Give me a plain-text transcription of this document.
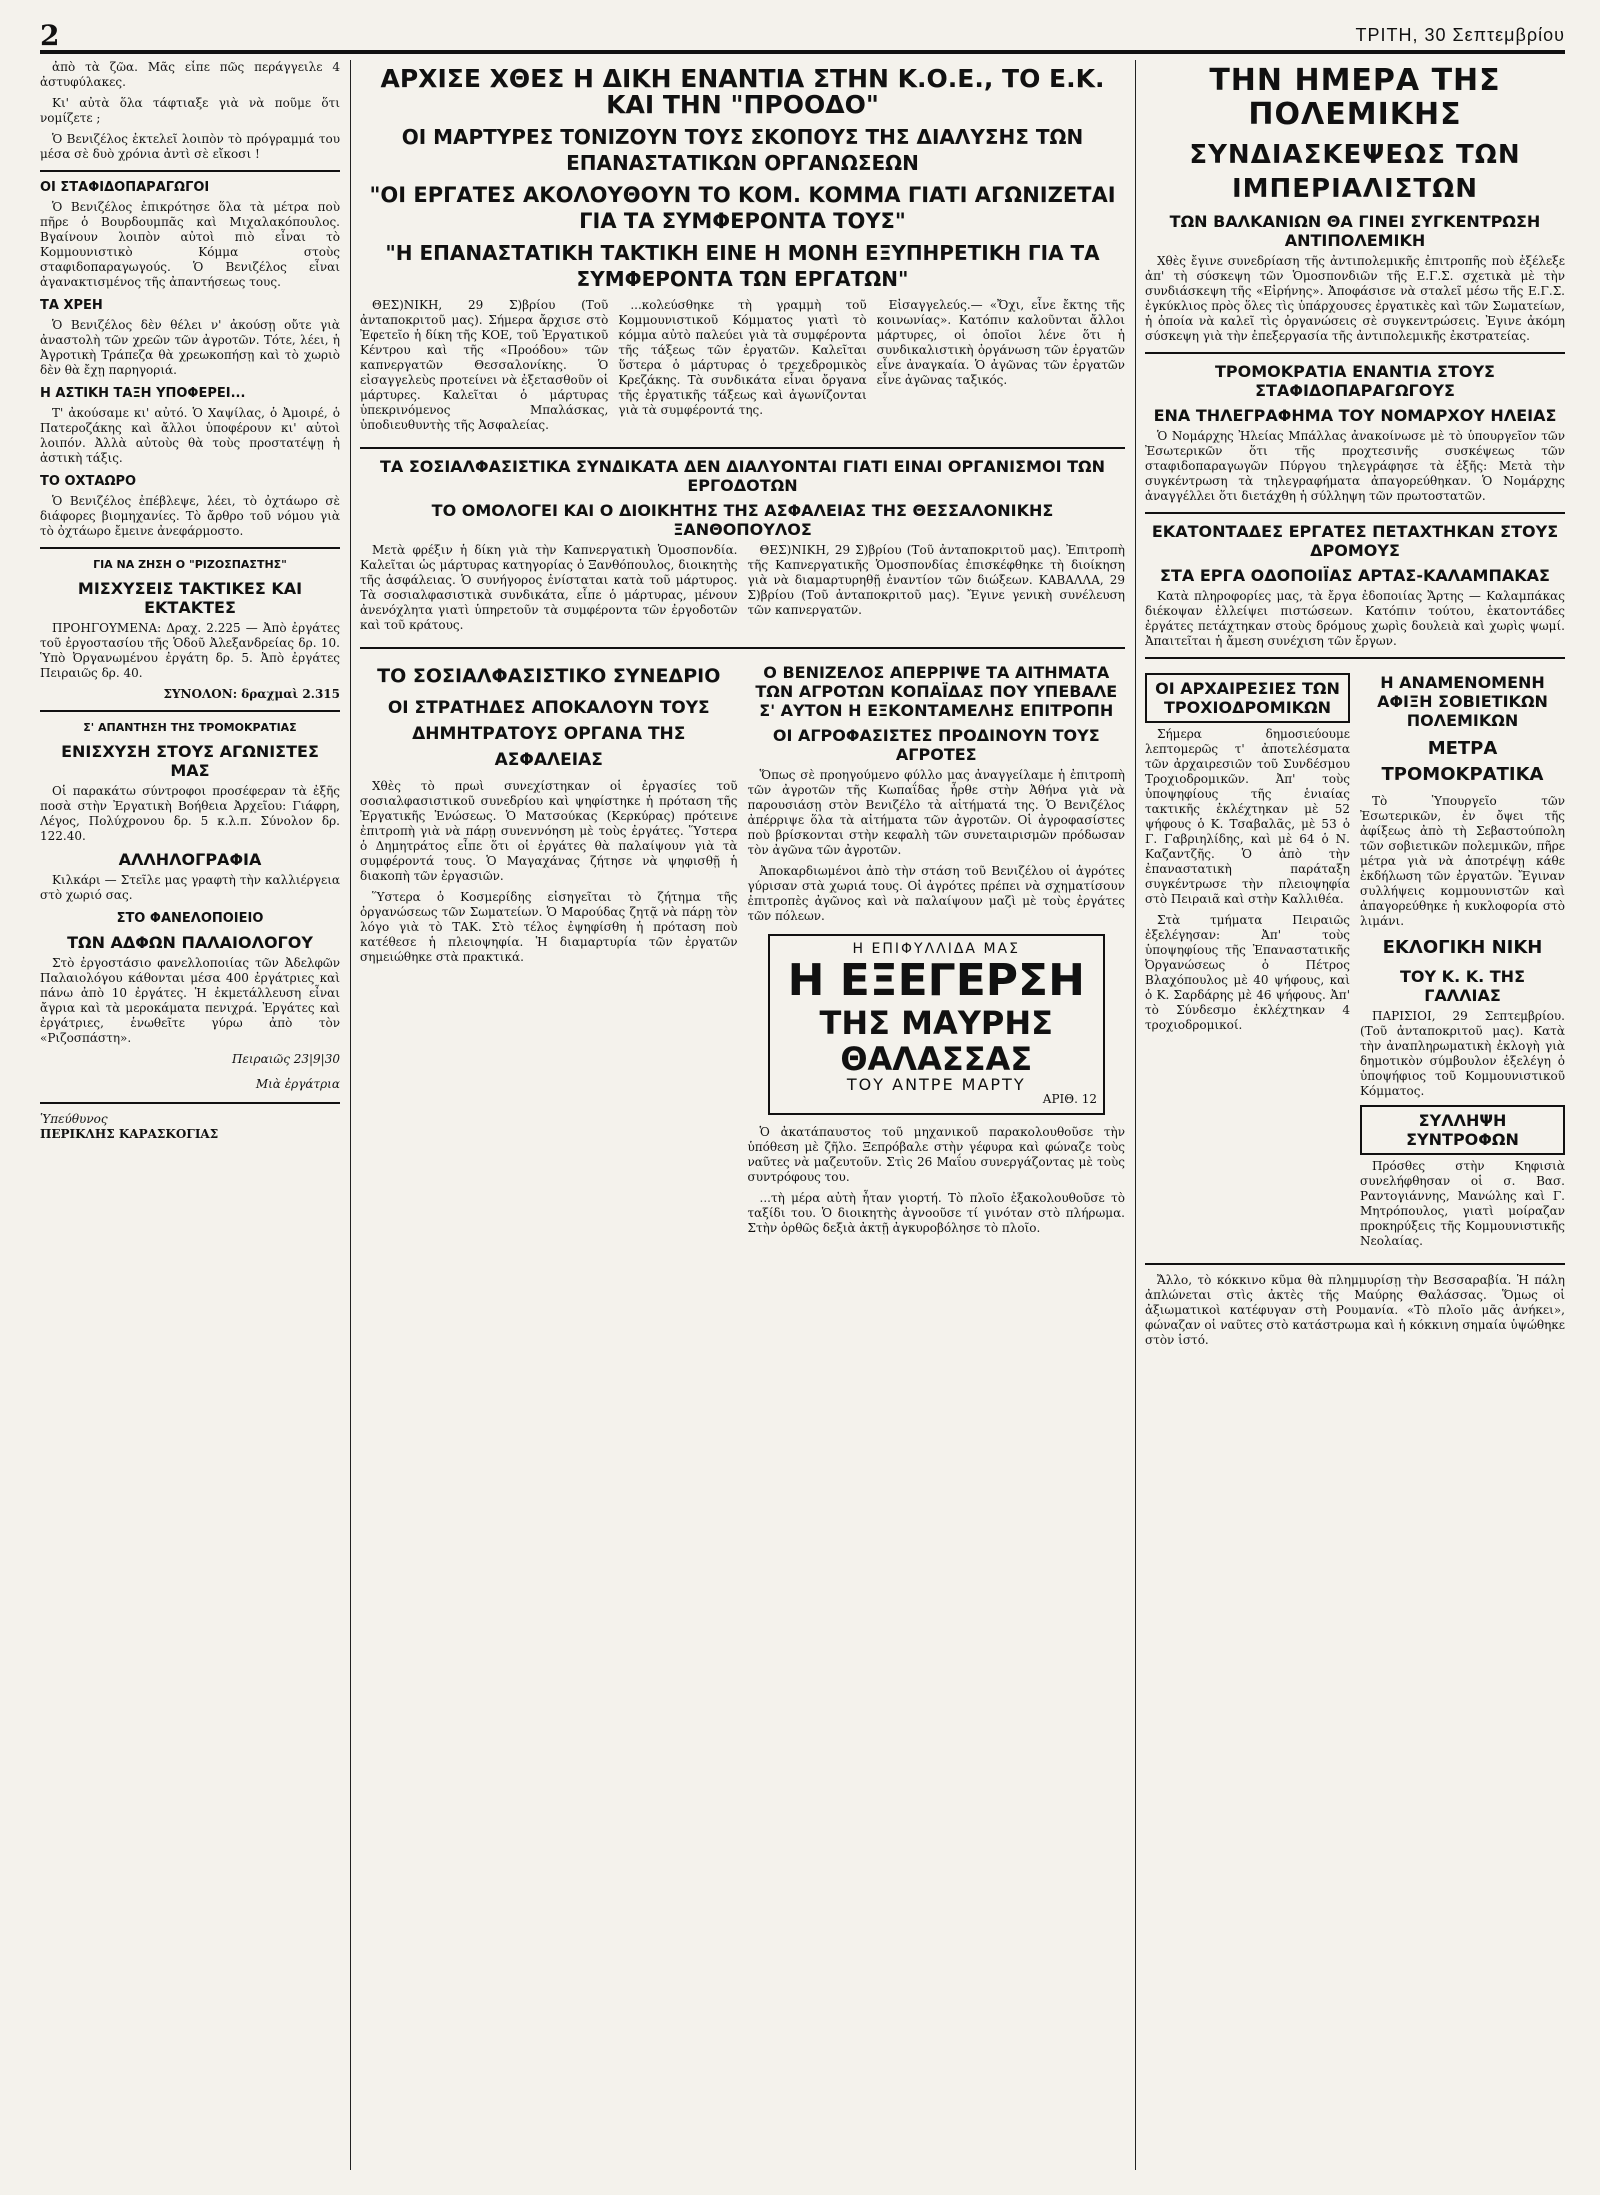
2	ΤΡΙΤΗ, 30 Σεπτεμβρίου

ἀπὸ τὰ ζῶα. Μᾶς εἶπε πῶς περάγγειλε 4 ἀστυφύλακες.

Κι' αὐτὰ ὅλα τάφτιαξε γιὰ νὰ ποῦμε ὅτι νομίζετε ;

Ὁ Βενιζέλος ἐκτελεῖ λοιπὸν τὸ πρόγραμμά του μέσα σὲ δυὸ χρόνια ἀντὶ σὲ εἴκοσι !

ΟΙ ΣΤΑΦΙΔΟΠΑΡΑΓΩΓΟΙ

Ὁ Βενιζέλος ἐπικρότησε ὅλα τὰ μέτρα ποὺ πῆρε ὁ Βουρδουμπᾶς καὶ Μιχαλακόπουλος. Βγαίνουν λοιπὸν αὐτοὶ πιὸ εἶναι τὸ Κομμουνιστικὸ Κόμμα στοὺς σταφιδοπαραγωγούς. Ὁ Βενιζέλος εἶναι ἀγανακτισμένος τῆς ἀπαντήσεως τους.

ΤΑ ΧΡΕΗ

Ὁ Βενιζέλος δὲν θέλει ν' ἀκούσῃ οὔτε γιὰ ἀναστολὴ τῶν χρεῶν τῶν ἀγροτῶν. Τότε, λέει, ἡ Ἀγροτικὴ Τράπεζα θὰ χρεωκοπήσῃ καὶ τὸ χωριὸ δὲν θὰ ἔχῃ παρηγοριά.

Η ΑΣΤΙΚΗ ΤΑΞΗ ΥΠΟΦΕΡΕΙ...

Τ' ἀκούσαμε κι' αὐτό. Ὁ Χαψίλας, ὁ Ἀμοιρέ, ὁ Πατεροζάκης καὶ ἄλλοι ὑποφέρουν κι' αὐτοὶ λοιπόν. Ἀλλὰ αὐτοὺς θὰ τοὺς προστατέψῃ ἡ ἀστικὴ τάξις.

ΤΟ ΟΧΤΑΩΡΟ

Ὁ Βενιζέλος ἐπέβλεψε, λέει, τὸ ὀχτάωρο σὲ διάφορες βιομηχανίες. Τὸ ἄρθρο τοῦ νόμου γιὰ τὸ ὀχτάωρο ἔμεινε ἀνεφάρμοστο.

ΓΙΑ ΝΑ ΖΗΣΗ Ο "ΡΙΖΟΣΠΑΣΤΗΣ"
ΜΙΣΧΥΣΕΙΣ ΤΑΚΤΙΚΕΣ ΚΑΙ ΕΚΤΑΚΤΕΣ

ΠΡΟΗΓΟΥΜΕΝΑ: Δραχ. 2.225 — Ἀπὸ ἐργάτες τοῦ ἐργοστασίου τῆς Ὁδοῦ Ἀλεξανδρείας δρ. 10. Ὑπὸ Ὀργανωμένου ἐργάτη δρ. 5. Ἀπὸ ἐργάτες Πειραιῶς δρ. 40.

ΣΥΝΟΛΟΝ: δραχμαὶ 2.315

Σ' ΑΠΑΝΤΗΣΗ ΤΗΣ ΤΡΟΜΟΚΡΑΤΙΑΣ
ΕΝΙΣΧΥΣΗ ΣΤΟΥΣ ΑΓΩΝΙΣΤΕΣ ΜΑΣ

Οἱ παρακάτω σύντροφοι προσέφεραν τὰ ἐξῆς ποσὰ στὴν Ἐργατικὴ Βοήθεια Ἀρχεῖου: Γιάφρη, Λέγος, Πολύχρονου δρ. 5 κ.λ.π. Σύνολον δρ. 122.40.

ΑΛΛΗΛΟΓΡΑΦΙΑ

Κιλκάρι — Στεῖλε μας γραφτὴ τὴν καλλιέργεια στὸ χωριό σας.

ΣΤΟ ΦΑΝΕΛΟΠΟΙΕΙΟ
ΤΩΝ ΑΔΦΩΝ ΠΑΛΑΙΟΛΟΓΟΥ

Στὸ ἐργοστάσιο φανελλοποιίας τῶν Ἀδελφῶν Παλαιολόγου κάθονται μέσα 400 ἐργάτριες καὶ πάνω ἀπὸ 10 ἐργάτες. Ἡ ἐκμετάλλευση εἶναι ἄγρια καὶ τὰ μεροκάματα πενιχρά. Ἐργάτες καὶ ἐργάτριες, ἑνωθεῖτε γύρω ἀπὸ τὸν «Ριζοσπάστη».

Πειραιῶς 23|9|30
Μιὰ ἐργάτρια
Ὑπεύθυνος
ΠΕΡΙΚΛΗΣ ΚΑΡΑΣΚΟΓΙΑΣ
ΑΡΧΙΣΕ ΧΘΕΣ Η ΔΙΚΗ ΕΝΑΝΤΙΑ ΣΤΗΝ Κ.Ο.Ε., ΤΟ Ε.Κ. ΚΑΙ ΤΗΝ "ΠΡΟΟΔΟ"
ΟΙ ΜΑΡΤΥΡΕΣ ΤΟΝΙΖΟΥΝ ΤΟΥΣ ΣΚΟΠΟΥΣ ΤΗΣ ΔΙΑΛΥΣΗΣ ΤΩΝ ΕΠΑΝΑΣΤΑΤΙΚΩΝ ΟΡΓΑΝΩΣΕΩΝ
"ΟΙ ΕΡΓΑΤΕΣ ΑΚΟΛΟΥΘΟΥΝ ΤΟ ΚΟΜ. ΚΟΜΜΑ ΓΙΑΤΙ ΑΓΩΝΙΖΕΤΑΙ ΓΙΑ ΤΑ ΣΥΜΦΕΡΟΝΤΑ ΤΟΥΣ"
"Η ΕΠΑΝΑΣΤΑΤΙΚΗ ΤΑΚΤΙΚΗ ΕΙΝΕ Η ΜΟΝΗ ΕΞΥΠΗΡΕΤΙΚΗ ΓΙΑ ΤΑ ΣΥΜΦΕΡΟΝΤΑ ΤΩΝ ΕΡΓΑΤΩΝ"

ΘΕΣ)ΝΙΚΗ, 29 Σ)βρίου (Τοῦ ἀνταποκριτοῦ μας). Σήμερα ἄρχισε στὸ Ἐφετεῖο ἡ δίκη τῆς ΚΟΕ, τοῦ Ἐργατικοῦ Κέντρου καὶ τῆς «Προόδου» τῶν καπνεργατῶν Θεσσαλονίκης. Ὁ εἰσαγγελεὺς προτείνει νὰ ἐξετασθοῦν οἱ μάρτυρες. Καλεῖται ὁ μάρτυρας ὑπεκρινόμενος Μπαλάσκας, ὑποδιευθυντὴς τῆς Ἀσφαλείας.

...κολεύσθηκε τὴ γραμμὴ τοῦ Κομμουνιστικοῦ Κόμματος γιατὶ τὸ κόμμα αὐτὸ παλεύει γιὰ τὰ συμφέροντα τῆς τάξεως τῶν ἐργατῶν. Καλεῖται ὕστερα ὁ μάρτυρας ὁ τρεχεδρομικὸς Κρεζάκης. Τὰ συνδικάτα εἶναι ὄργανα τῆς ἐργατικῆς τάξεως καὶ ἀγωνίζονται γιὰ τὰ συμφέροντά της.

Εἰσαγγελεύς.— «Ὄχι, εἶνε ἔκτης τῆς κοινωνίας». Κατόπιν καλοῦνται ἄλλοι μάρτυρες, οἱ ὁποῖοι λένε ὅτι ἡ συνδικαλιστικὴ ὀργάνωση τῶν ἐργατῶν εἶνε ἀναγκαία. Ὁ ἀγῶνας τῶν ἐργατῶν εἶνε ἀγῶνας ταξικός.

ΤΑ ΣΟΣΙΑΛΦΑΣΙΣΤΙΚΑ ΣΥΝΔΙΚΑΤΑ ΔΕΝ ΔΙΑΛΥΟΝΤΑΙ ΓΙΑΤΙ ΕΙΝΑΙ ΟΡΓΑΝΙΣΜΟΙ ΤΩΝ ΕΡΓΟΔΟΤΩΝ
ΤΟ ΟΜΟΛΟΓΕΙ ΚΑΙ Ο ΔΙΟΙΚΗΤΗΣ ΤΗΣ ΑΣΦΑΛΕΙΑΣ ΤΗΣ ΘΕΣΣΑΛΟΝΙΚΗΣ ΞΑΝΘΟΠΟΥΛΟΣ

Μετὰ φρέξιν ἡ δίκη γιὰ τὴν Καπνεργατικὴ Ὁμοσπονδία. Καλεῖται ὡς μάρτυρας κατηγορίας ὁ Ξανθόπουλος, διοικητὴς τῆς ἀσφάλειας. Ὁ συνήγορος ἐνίσταται κατὰ τοῦ μάρτυρος. Τὰ σοσιαλφασιστικὰ συνδικάτα, εἶπε ὁ μάρτυρας, μένουν ἀνενόχλητα γιατὶ ὑπηρετοῦν τὰ συμφέροντα τῶν ἐργοδοτῶν καὶ τοῦ κράτους.

ΘΕΣ)ΝΙΚΗ, 29 Σ)βρίου (Τοῦ ἀνταποκριτοῦ μας). Ἐπιτροπὴ τῆς Καπνεργατικῆς Ὁμοσπονδίας ἐπισκέφθηκε τὴ διοίκηση γιὰ νὰ διαμαρτυρηθῇ ἐναντίον τῶν διώξεων. ΚΑΒΑΛΛΑ, 29 Σ)βρίου (Τοῦ ἀνταποκριτοῦ μας). Ἔγινε γενικὴ συνέλευση τῶν καπνεργατῶν.

ΤΟ ΣΟΣΙΑΛΦΑΣΙΣΤΙΚΟ ΣΥΝΕΔΡΙΟ
ΟΙ ΣΤΡΑΤΗΔΕΣ ΑΠΟΚΑΛΟΥΝ ΤΟΥΣ ΔΗΜΗΤΡΑΤΟΥΣ ΟΡΓΑΝΑ ΤΗΣ ΑΣΦΑΛΕΙΑΣ

Χθὲς τὸ πρωὶ συνεχίστηκαν οἱ ἐργασίες τοῦ σοσιαλφασιστικοῦ συνεδρίου καὶ ψηφίστηκε ἡ πρόταση τῆς Ἐργατικῆς Ἑνώσεως. Ὁ Ματσούκας (Κερκύρας) πρότεινε ἐπιτροπὴ γιὰ νὰ πάρῃ συνεννόηση μὲ τοὺς ἐργάτες. Ὕστερα ὁ Δημητράτος εἶπε ὅτι οἱ ἐργάτες θὰ παλαίψουν γιὰ τὰ συμφέροντά τους. Ὁ Μαγαχάνας ζήτησε νὰ ψηφισθῇ ἡ διακοπὴ τῶν ἐργασιῶν.

Ὕστερα ὁ Κοσμερίδης εἰσηγεῖται τὸ ζήτημα τῆς ὀργανώσεως τῶν Σωματείων. Ὁ Μαρούδας ζητᾷ νὰ πάρῃ τὸν λόγο γιὰ τὸ ΤΑΚ. Στὸ τέλος ἐψηφίσθη ἡ πρόταση ποὺ κατέθεσε ἡ πλειοψηφία. Ἡ διαμαρτυρία τῶν ἐργατῶν σημειώθηκε στὰ πρακτικά.

Ο ΒΕΝΙΖΕΛΟΣ ΑΠΕΡΡΙΨΕ ΤΑ ΑΙΤΗΜΑΤΑ ΤΩΝ ΑΓΡΟΤΩΝ ΚΟΠΑΪΔΑΣ ΠΟΥ ΥΠΕΒΑΛΕ Σ' ΑΥΤΟΝ Η ΕΞΚΟΝΤΑΜΕΛΗΣ ΕΠΙΤΡΟΠΗ
ΟΙ ΑΓΡΟΦΑΣΙΣΤΕΣ ΠΡΟΔΙΝΟΥΝ ΤΟΥΣ ΑΓΡΟΤΕΣ

Ὅπως σὲ προηγούμενο φύλλο μας ἀναγγείλαμε ἡ ἐπιτροπὴ τῶν ἀγροτῶν τῆς Κωπαΐδας ἦρθε στὴν Ἀθήνα γιὰ νὰ παρουσιάσῃ στὸν Βενιζέλο τὰ αἰτήματά της. Ὁ Βενιζέλος ἀπέρριψε ὅλα τὰ αἰτήματα τῶν ἀγροτῶν. Οἱ ἀγροφασίστες ποὺ βρίσκονται στὴν κεφαλὴ τῶν συνεταιρισμῶν πρόδωσαν τὸν ἀγῶνα τῶν ἀγροτῶν.

Ἀποκαρδιωμένοι ἀπὸ τὴν στάση τοῦ Βενιζέλου οἱ ἀγρότες γύρισαν στὰ χωριά τους. Οἱ ἀγρότες πρέπει νὰ σχηματίσουν ἐπιτροπὲς ἀγῶνος καὶ νὰ παλαίψουν μαζὶ μὲ τοὺς ἐργάτες τῶν πόλεων.

Η ΕΠΙΦΥΛΛΙΔΑ ΜΑΣ
Η ΕΞΕΓΕΡΣΗ
ΤΗΣ ΜΑΥΡΗΣ ΘΑΛΑΣΣΑΣ
ΤΟΥ ΑΝΤΡΕ ΜΑΡΤΥ
ΑΡΙΘ. 12

Ὁ ἀκατάπαυστος τοῦ μηχανικοῦ παρακολουθοῦσε τὴν ὑπόθεση μὲ ζῆλο. Ξεπρόβαλε στὴν γέφυρα καὶ φώναζε τοὺς ναῦτες νὰ μαζευτοῦν. Στὶς 26 Μαΐου συνεργάζοντας μὲ τοὺς συντρόφους του.

...τὴ μέρα αὐτὴ ἦταν γιορτή. Τὸ πλοῖο ἐξακολουθοῦσε τὸ ταξίδι του. Ὁ διοικητὴς ἀγνοοῦσε τί γινόταν στὸ πλήρωμα. Στὴν ὀρθῶς δεξιὰ ἀκτῇ ἀγκυροβόλησε τὸ πλοῖο.

ΤΗΝ ΗΜΕΡΑ ΤΗΣ ΠΟΛΕΜΙΚΗΣ
ΣΥΝΔΙΑΣΚΕΨΕΩΣ ΤΩΝ ΙΜΠΕΡΙΑΛΙΣΤΩΝ
ΤΩΝ ΒΑΛΚΑΝΙΩΝ ΘΑ ΓΙΝΕΙ ΣΥΓΚΕΝΤΡΩΣΗ ΑΝΤΙΠΟΛΕΜΙΚΗ

Χθὲς ἔγινε συνεδρίαση τῆς ἀντιπολεμικῆς ἐπιτροπῆς ποὺ ἐξέλεξε ἀπ' τὴ σύσκεψη τῶν Ὁμοσπονδιῶν τῆς Ε.Γ.Σ. σχετικὰ μὲ τὴν συνδιάσκεψη τῆς «Εἰρήνης». Ἀποφάσισε νὰ σταλεῖ μέσω τῆς Ε.Γ.Σ. ἐγκύκλιος πρὸς ὅλες τὶς ὑπάρχουσες ἐργατικὲς καὶ τῶν Σωματείων, ἡ ὁποία νὰ καλεῖ τὶς ὀργανώσεις σὲ συγκεντρώσεις. Ἐγινε ἀκόμη σύσκεψη γιὰ τὴν ἐπεξεργασία τῆς ἀντιπολεμικῆς ἐκστρατείας.

ΤΡΟΜΟΚΡΑΤΙΑ ΕΝΑΝΤΙΑ ΣΤΟΥΣ ΣΤΑΦΙΔΟΠΑΡΑΓΩΓΟΥΣ
ΕΝΑ ΤΗΛΕΓΡΑΦΗΜΑ ΤΟΥ ΝΟΜΑΡΧΟΥ ΗΛΕΙΑΣ

Ὁ Νομάρχης Ἠλείας Μπάλλας ἀνακοίνωσε μὲ τὸ ὑπουργεῖον τῶν Ἐσωτερικῶν ὅτι τῆς προχτεσινῆς συσκέψεως τῶν σταφιδοπαραγωγῶν Πύργου τηλεγράφησε τὰ ἑξῆς: Μετὰ τὴν συγκέντρωση τὰ τηλεγραφήματα ἀπαγορεύθηκαν. Ὁ Νομάρχης ἀναγγέλλει ὅτι διετάχθη ἡ σύλληψη τῶν πρωτοστατῶν.

ΕΚΑΤΟΝΤΑΔΕΣ ΕΡΓΑΤΕΣ ΠΕΤΑΧΤΗΚΑΝ ΣΤΟΥΣ ΔΡΟΜΟΥΣ
ΣΤΑ ΕΡΓΑ ΟΔΟΠΟΙΪΑΣ ΑΡΤΑΣ-ΚΑΛΑΜΠΑΚΑΣ

Κατὰ πληροφορίες μας, τὰ ἔργα ἐδοποιίας Ἄρτης — Καλαμπάκας διέκοψαν ἐλλείψει πιστώσεων. Κατόπιν τούτου, ἑκατοντάδες ἐργάτες πετάχτηκαν στοὺς δρόμους χωρὶς δουλειὰ καὶ χωρὶς ψωμί. Ἀπαιτεῖται ἡ ἄμεση συνέχιση τῶν ἔργων.

ΟΙ ΑΡΧΑΙΡΕΣΙΕΣ ΤΩΝ ΤΡΟΧΙΟΔΡΟΜΙΚΩΝ

Σήμερα δημοσιεύουμε λεπτομερῶς τ' ἀποτελέσματα τῶν ἀρχαιρεσιῶν τοῦ Συνδέσμου Τροχιοδρομικῶν. Ἀπ' τοὺς ὑποψηφίους τῆς ἑνιαίας τακτικῆς ἐκλέχτηκαν μὲ 52 ψήφους ὁ Κ. Τσαβαλᾶς, μὲ 53 ὁ Γ. Γαβριηλίδης, καὶ μὲ 64 ὁ Ν. Καζαντζῆς. Ὁ ἀπὸ τὴν ἐπαναστατικὴ παράταξη συγκέντρωσε τὴν πλειοψηφία στὸ Πειραιᾶ καὶ στὴν Καλλιθέα.

Στὰ τμήματα Πειραιῶς ἐξελέγησαν: Ἀπ' τοὺς ὑποψηφίους τῆς Ἐπαναστατικῆς Ὀργανώσεως ὁ Πέτρος Βλαχόπουλος μὲ 40 ψήφους, καὶ ὁ Κ. Σαρδάρης μὲ 46 ψήφους. Ἀπ' τὸ Σύνδεσμο ἐκλέχτηκαν 4 τροχιοδρομικοί.

Η ΑΝΑΜΕΝΟΜΕΝΗ ΑΦΙΞΗ ΣΟΒΙΕΤΙΚΩΝ ΠΟΛΕΜΙΚΩΝ
ΜΕΤΡΑ ΤΡΟΜΟΚΡΑΤΙΚΑ

Τὸ Ὑπουργεῖο τῶν Ἐσωτερικῶν, ἐν ὄψει τῆς ἀφίξεως ἀπὸ τὴ Σεβαστούπολη τῶν σοβιετικῶν πολεμικῶν, πῆρε μέτρα γιὰ νὰ ἀποτρέψῃ κάθε ἐκδήλωση τῶν ἐργατῶν. Ἔγιναν συλλήψεις κομμουνιστῶν καὶ ἀπαγορεύθηκε ἡ κυκλοφορία στὸ λιμάνι.

ΕΚΛΟΓΙΚΗ ΝΙΚΗ
ΤΟΥ Κ. Κ. ΤΗΣ ΓΑΛΛΙΑΣ

ΠΑΡΙΣΙΟΙ, 29 Σεπτεμβρίου. (Τοῦ ἀνταποκριτοῦ μας). Κατὰ τὴν ἀναπληρωματικὴ ἐκλογὴ γιὰ δημοτικὸν σύμβουλον ἐξελέγη ὁ ὑποψήφιος τοῦ Κομμουνιστικοῦ Κόμματος.

ΣΥΛΛΗΨΗ ΣΥΝΤΡΟΦΩΝ

Πρόσθες στὴν Κηφισιὰ συνελήφθησαν οἱ σ. Βασ. Ραντογιάννης, Μανώλης καὶ Γ. Μητρόπουλος, γιατὶ μοίραζαν προκηρύξεις τῆς Κομμουνιστικῆς Νεολαίας.

Ἄλλο, τὸ κόκκινο κῦμα θὰ πλημμυρίσῃ τὴν Βεσσαραβία. Ἡ πάλη ἀπλώνεται στὶς ἀκτὲς τῆς Μαύρης Θαλάσσας. Ὅμως οἱ ἀξιωματικοὶ κατέφυγαν στὴ Ρουμανία. «Τὸ πλοῖο μᾶς ἀνήκει», φώναζαν οἱ ναῦτες στὸ κατάστρωμα καὶ ἡ κόκκινη σημαία ὑψώθηκε στὸν ἱστό.
